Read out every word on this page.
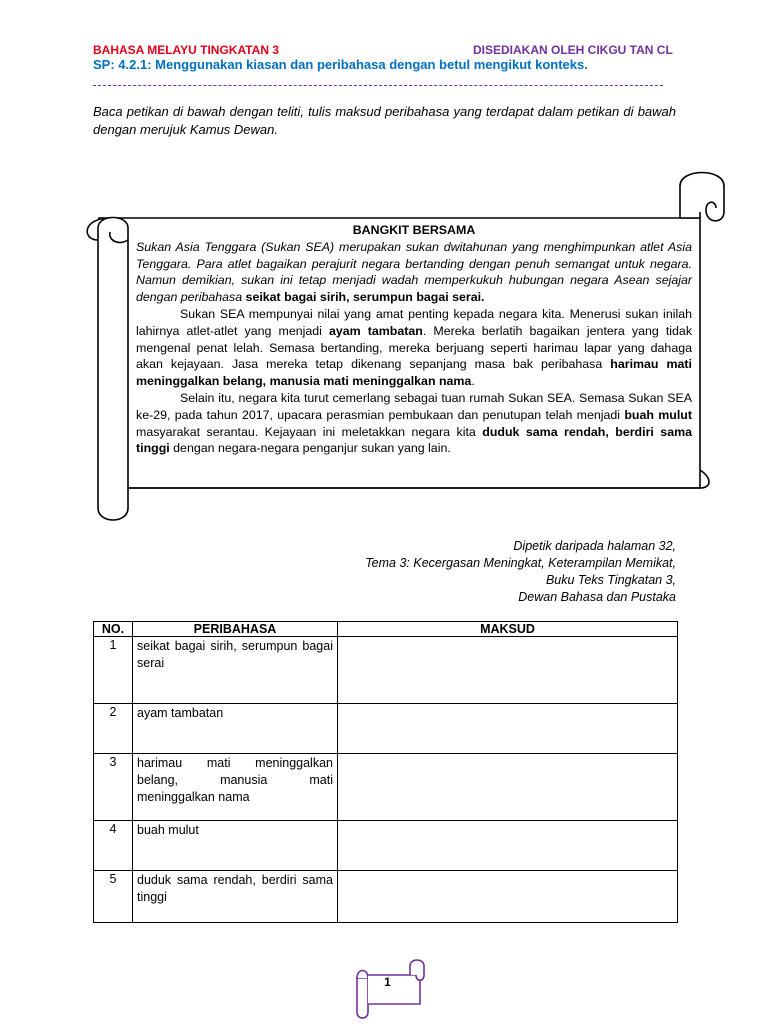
BAHASA MELAYU TINGKATAN 3	DISEDIAKAN OLEH CIKGU TAN CL
SP: 4.2.1: Menggunakan kiasan dan peribahasa dengan betul mengikut konteks.
Baca petikan di bawah dengan teliti, tulis maksud peribahasa yang terdapat dalam petikan di bawah dengan merujuk Kamus Dewan.
BANGKIT BERSAMA

Sukan Asia Tenggara (Sukan SEA) merupakan sukan dwitahunan yang menghimpunkan atlet Asia Tenggara. Para atlet bagaikan perajurit negara bertanding dengan penuh semangat untuk negara. Namun demikian, sukan ini tetap menjadi wadah memperkukuh hubungan negara Asean sejajar dengan peribahasa seikat bagai sirih, serumpun bagai serai.

Sukan SEA mempunyai nilai yang amat penting kepada negara kita. Menerusi sukan inilah lahirnya atlet-atlet yang menjadi ayam tambatan. Mereka berlatih bagaikan jentera yang tidak mengenal penat lelah. Semasa bertanding, mereka berjuang seperti harimau lapar yang dahaga akan kejayaan. Jasa mereka tetap dikenang sepanjang masa bak peribahasa harimau mati meninggalkan belang, manusia mati meninggalkan nama.

Selain itu, negara kita turut cemerlang sebagai tuan rumah Sukan SEA. Semasa Sukan SEA ke-29, pada tahun 2017, upacara perasmian pembukaan dan penutupan telah menjadi buah mulut masyarakat serantau. Kejayaan ini meletakkan negara kita duduk sama rendah, berdiri sama tinggi dengan negara-negara penganjur sukan yang lain.

Dipetik daripada halaman 32,
Tema 3: Kecergasan Meningkat, Keterampilan Memikat,
Buku Teks Tingkatan 3,
Dewan Bahasa dan Pustaka
NO.	PERIBAHASA	MAKSUD
1	seikat bagai sirih, serumpun bagai serai	
2	ayam tambatan	
3	harimau mati meninggalkan belang, manusia mati meninggalkan nama	
4	buah mulut	
5	duduk sama rendah, berdiri sama tinggi	
1
